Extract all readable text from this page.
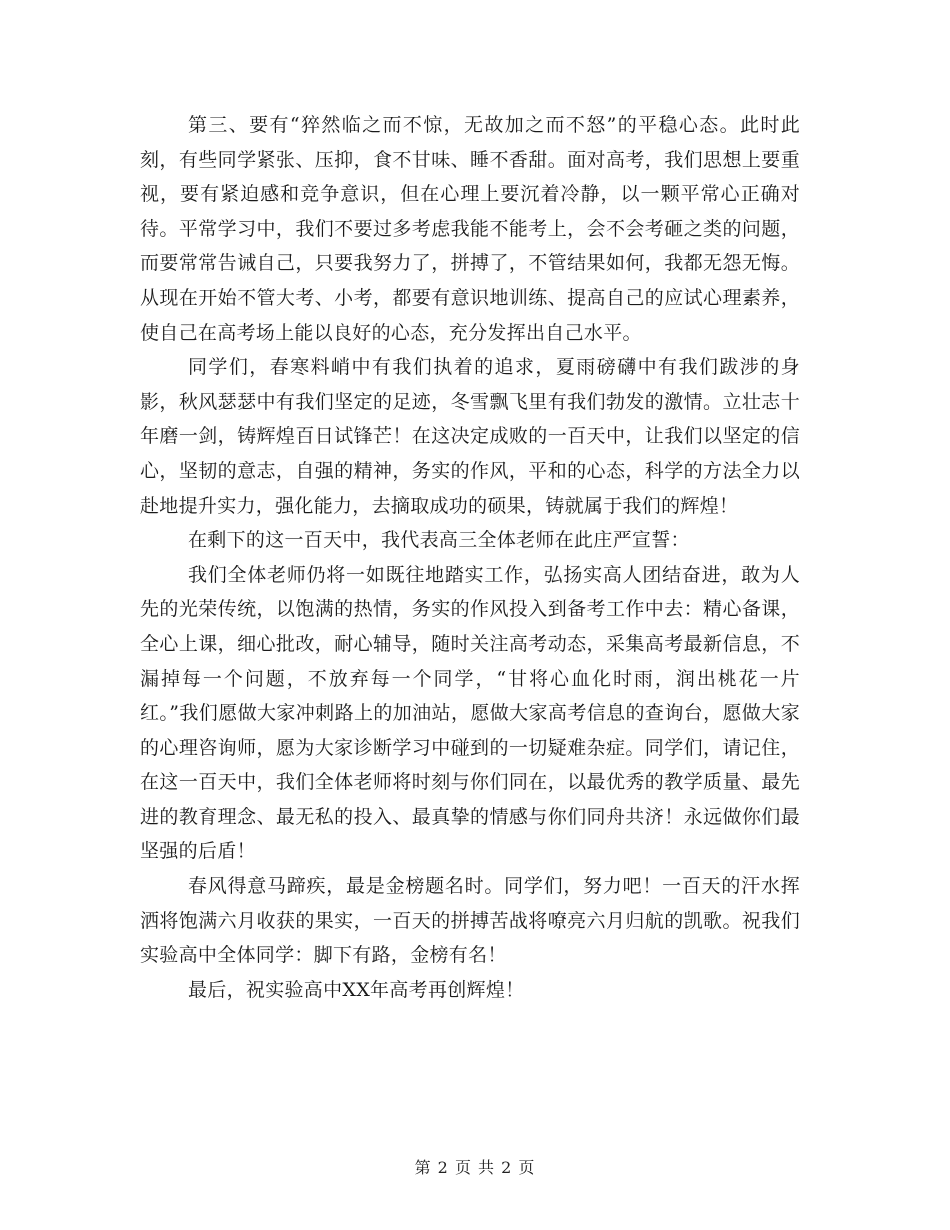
第三、要有“猝然临之而不惊，无故加之而不怒”的平稳心态。此时此刻，有些同学紧张、压抑，食不甘味、睡不香甜。面对高考，我们思想上要重视，要有紧迫感和竞争意识，但在心理上要沉着冷静，以一颗平常心正确对待。平常学习中，我们不要过多考虑我能不能考上，会不会考砸之类的问题，而要常常告诫自己，只要我努力了，拼搏了，不管结果如何，我都无怨无悔。从现在开始不管大考、小考，都要有意识地训练、提高自己的应试心理素养，使自己在高考场上能以良好的心态，充分发挥出自己水平。

同学们，春寒料峭中有我们执着的追求，夏雨磅礴中有我们跋涉的身影，秋风瑟瑟中有我们坚定的足迹，冬雪飘飞里有我们勃发的激情。立壮志十年磨一剑，铸辉煌百日试锋芒！在这决定成败的一百天中，让我们以坚定的信心，坚韧的意志，自强的精神，务实的作风，平和的心态，科学的方法全力以赴地提升实力，强化能力，去摘取成功的硕果，铸就属于我们的辉煌！

在剩下的这一百天中，我代表高三全体老师在此庄严宣誓：

我们全体老师仍将一如既往地踏实工作，弘扬实高人团结奋进，敢为人先的光荣传统，以饱满的热情，务实的作风投入到备考工作中去：精心备课，全心上课，细心批改，耐心辅导，随时关注高考动态，采集高考最新信息，不漏掉每一个问题，不放弃每一个同学，“甘将心血化时雨，润出桃花一片红。”我们愿做大家冲刺路上的加油站，愿做大家高考信息的查询台，愿做大家的心理咨询师，愿为大家诊断学习中碰到的一切疑难杂症。同学们，请记住，在这一百天中，我们全体老师将时刻与你们同在，以最优秀的教学质量、最先进的教育理念、最无私的投入、最真挚的情感与你们同舟共济！永远做你们最坚强的后盾！

春风得意马蹄疾，最是金榜题名时。同学们，努力吧！一百天的汗水挥洒将饱满六月收获的果实，一百天的拼搏苦战将嘹亮六月归航的凯歌。祝我们实验高中全体同学：脚下有路，金榜有名！

最后，祝实验高中XX年高考再创辉煌！

第 2 页 共 2 页
